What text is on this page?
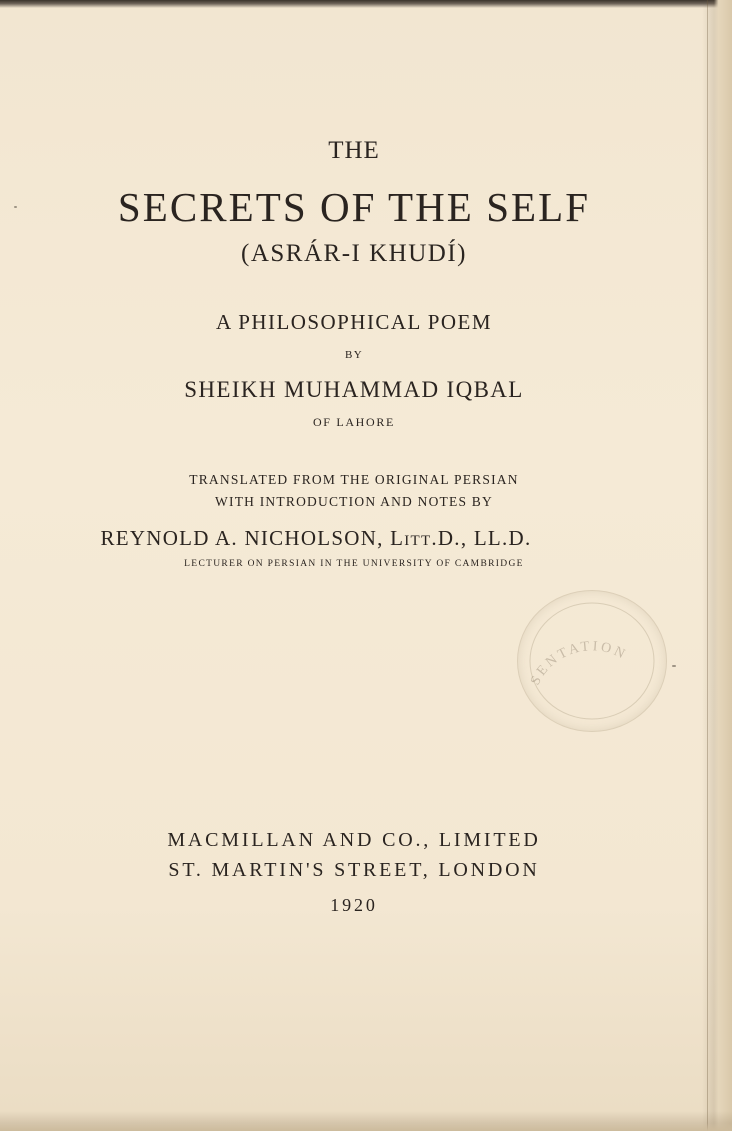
THE
SECRETS OF THE SELF
(ASRÁR-I KHUDÍ)
A PHILOSOPHICAL POEM
BY
SHEIKH MUHAMMAD IQBAL
OF LAHORE
TRANSLATED FROM THE ORIGINAL PERSIAN
WITH INTRODUCTION AND NOTES BY
REYNOLD A. NICHOLSON, LITT.D., LL.D.
LECTURER ON PERSIAN IN THE UNIVERSITY OF CAMBRIDGE
MACMILLAN AND CO., LIMITED
ST. MARTIN'S STREET, LONDON
1920
SENTATION
